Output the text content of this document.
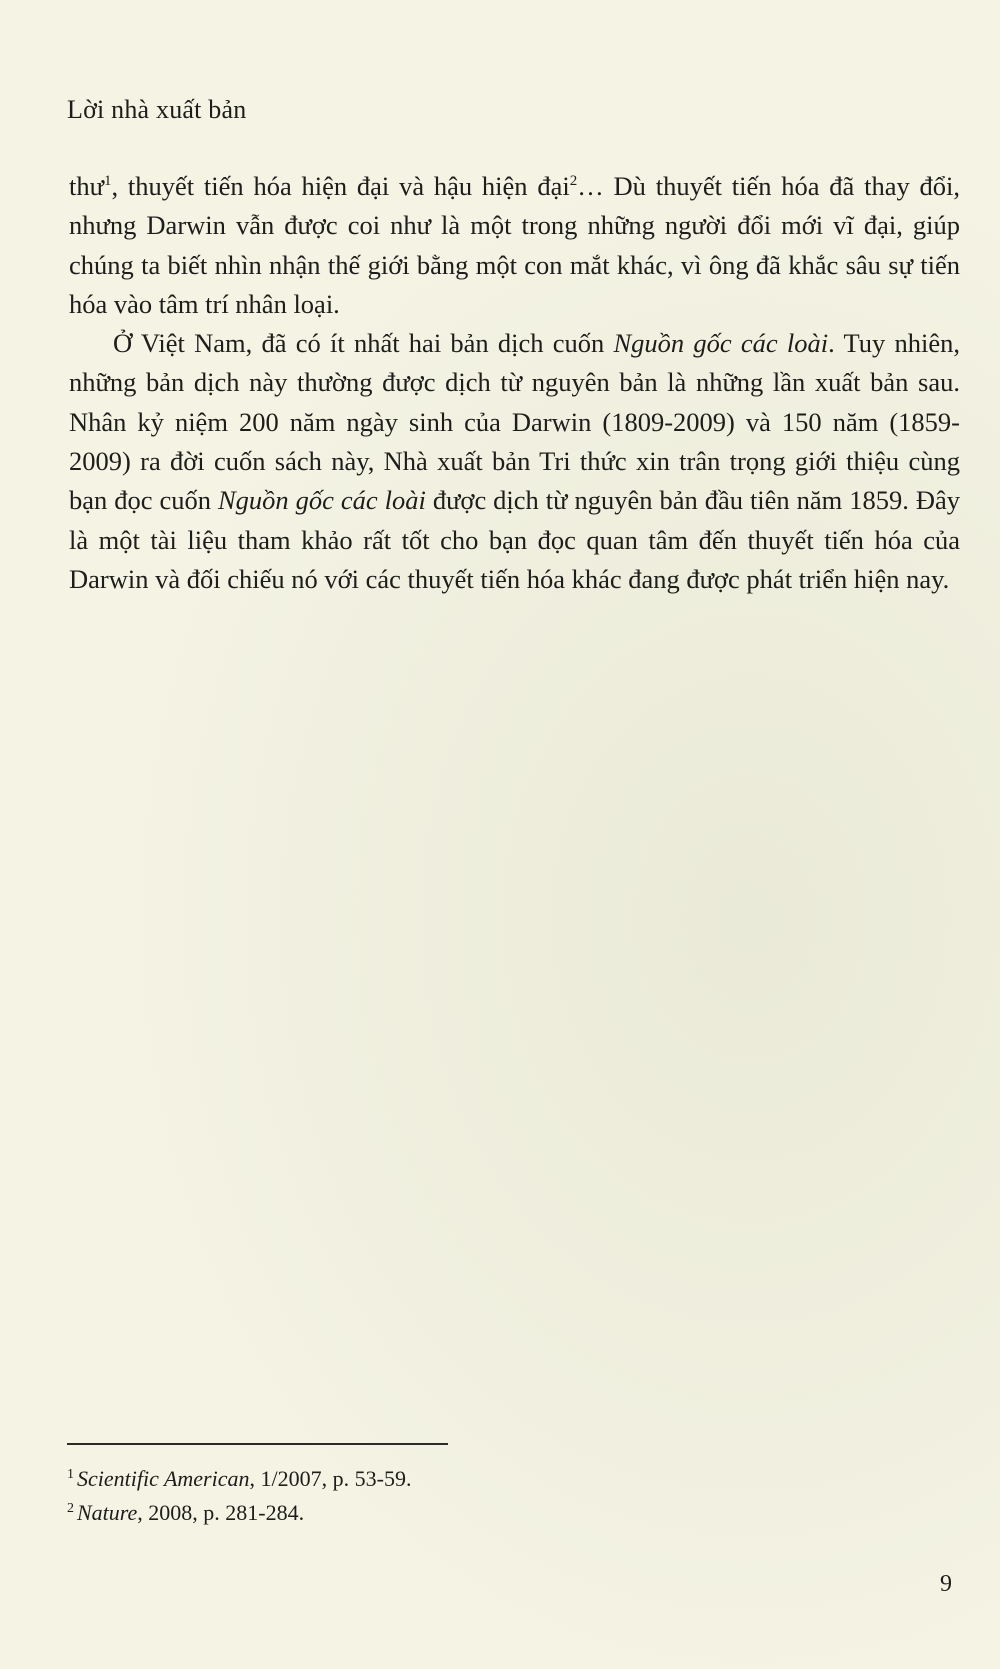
Lời nhà xuất bản

thư$^1$, thuyết tiến hóa hiện đại và hậu hiện đại$^2$… Dù thuyết tiến hóa đã thay đổi, nhưng Darwin vẫn được coi như là một trong những người đổi mới vĩ đại, giúp chúng ta biết nhìn nhận thế giới bằng một con mắt khác, vì ông đã khắc sâu sự tiến hóa vào tâm trí nhân loại.

Ở Việt Nam, đã có ít nhất hai bản dịch cuốn Nguồn gốc các loài. Tuy nhiên, những bản dịch này thường được dịch từ nguyên bản là những lần xuất bản sau. Nhân kỷ niệm 200 năm ngày sinh của Darwin (1809-2009) và 150 năm (1859-2009) ra đời cuốn sách này, Nhà xuất bản Tri thức xin trân trọng giới thiệu cùng bạn đọc cuốn Nguồn gốc các loài được dịch từ nguyên bản đầu tiên năm 1859. Đây là một tài liệu tham khảo rất tốt cho bạn đọc quan tâm đến thuyết tiến hóa của Darwin và đối chiếu nó với các thuyết tiến hóa khác đang được phát triển hiện nay.

$^1$ Scientific American, 1/2007, p. 53-59.

$^2$ Nature, 2008, p. 281-284.

9
